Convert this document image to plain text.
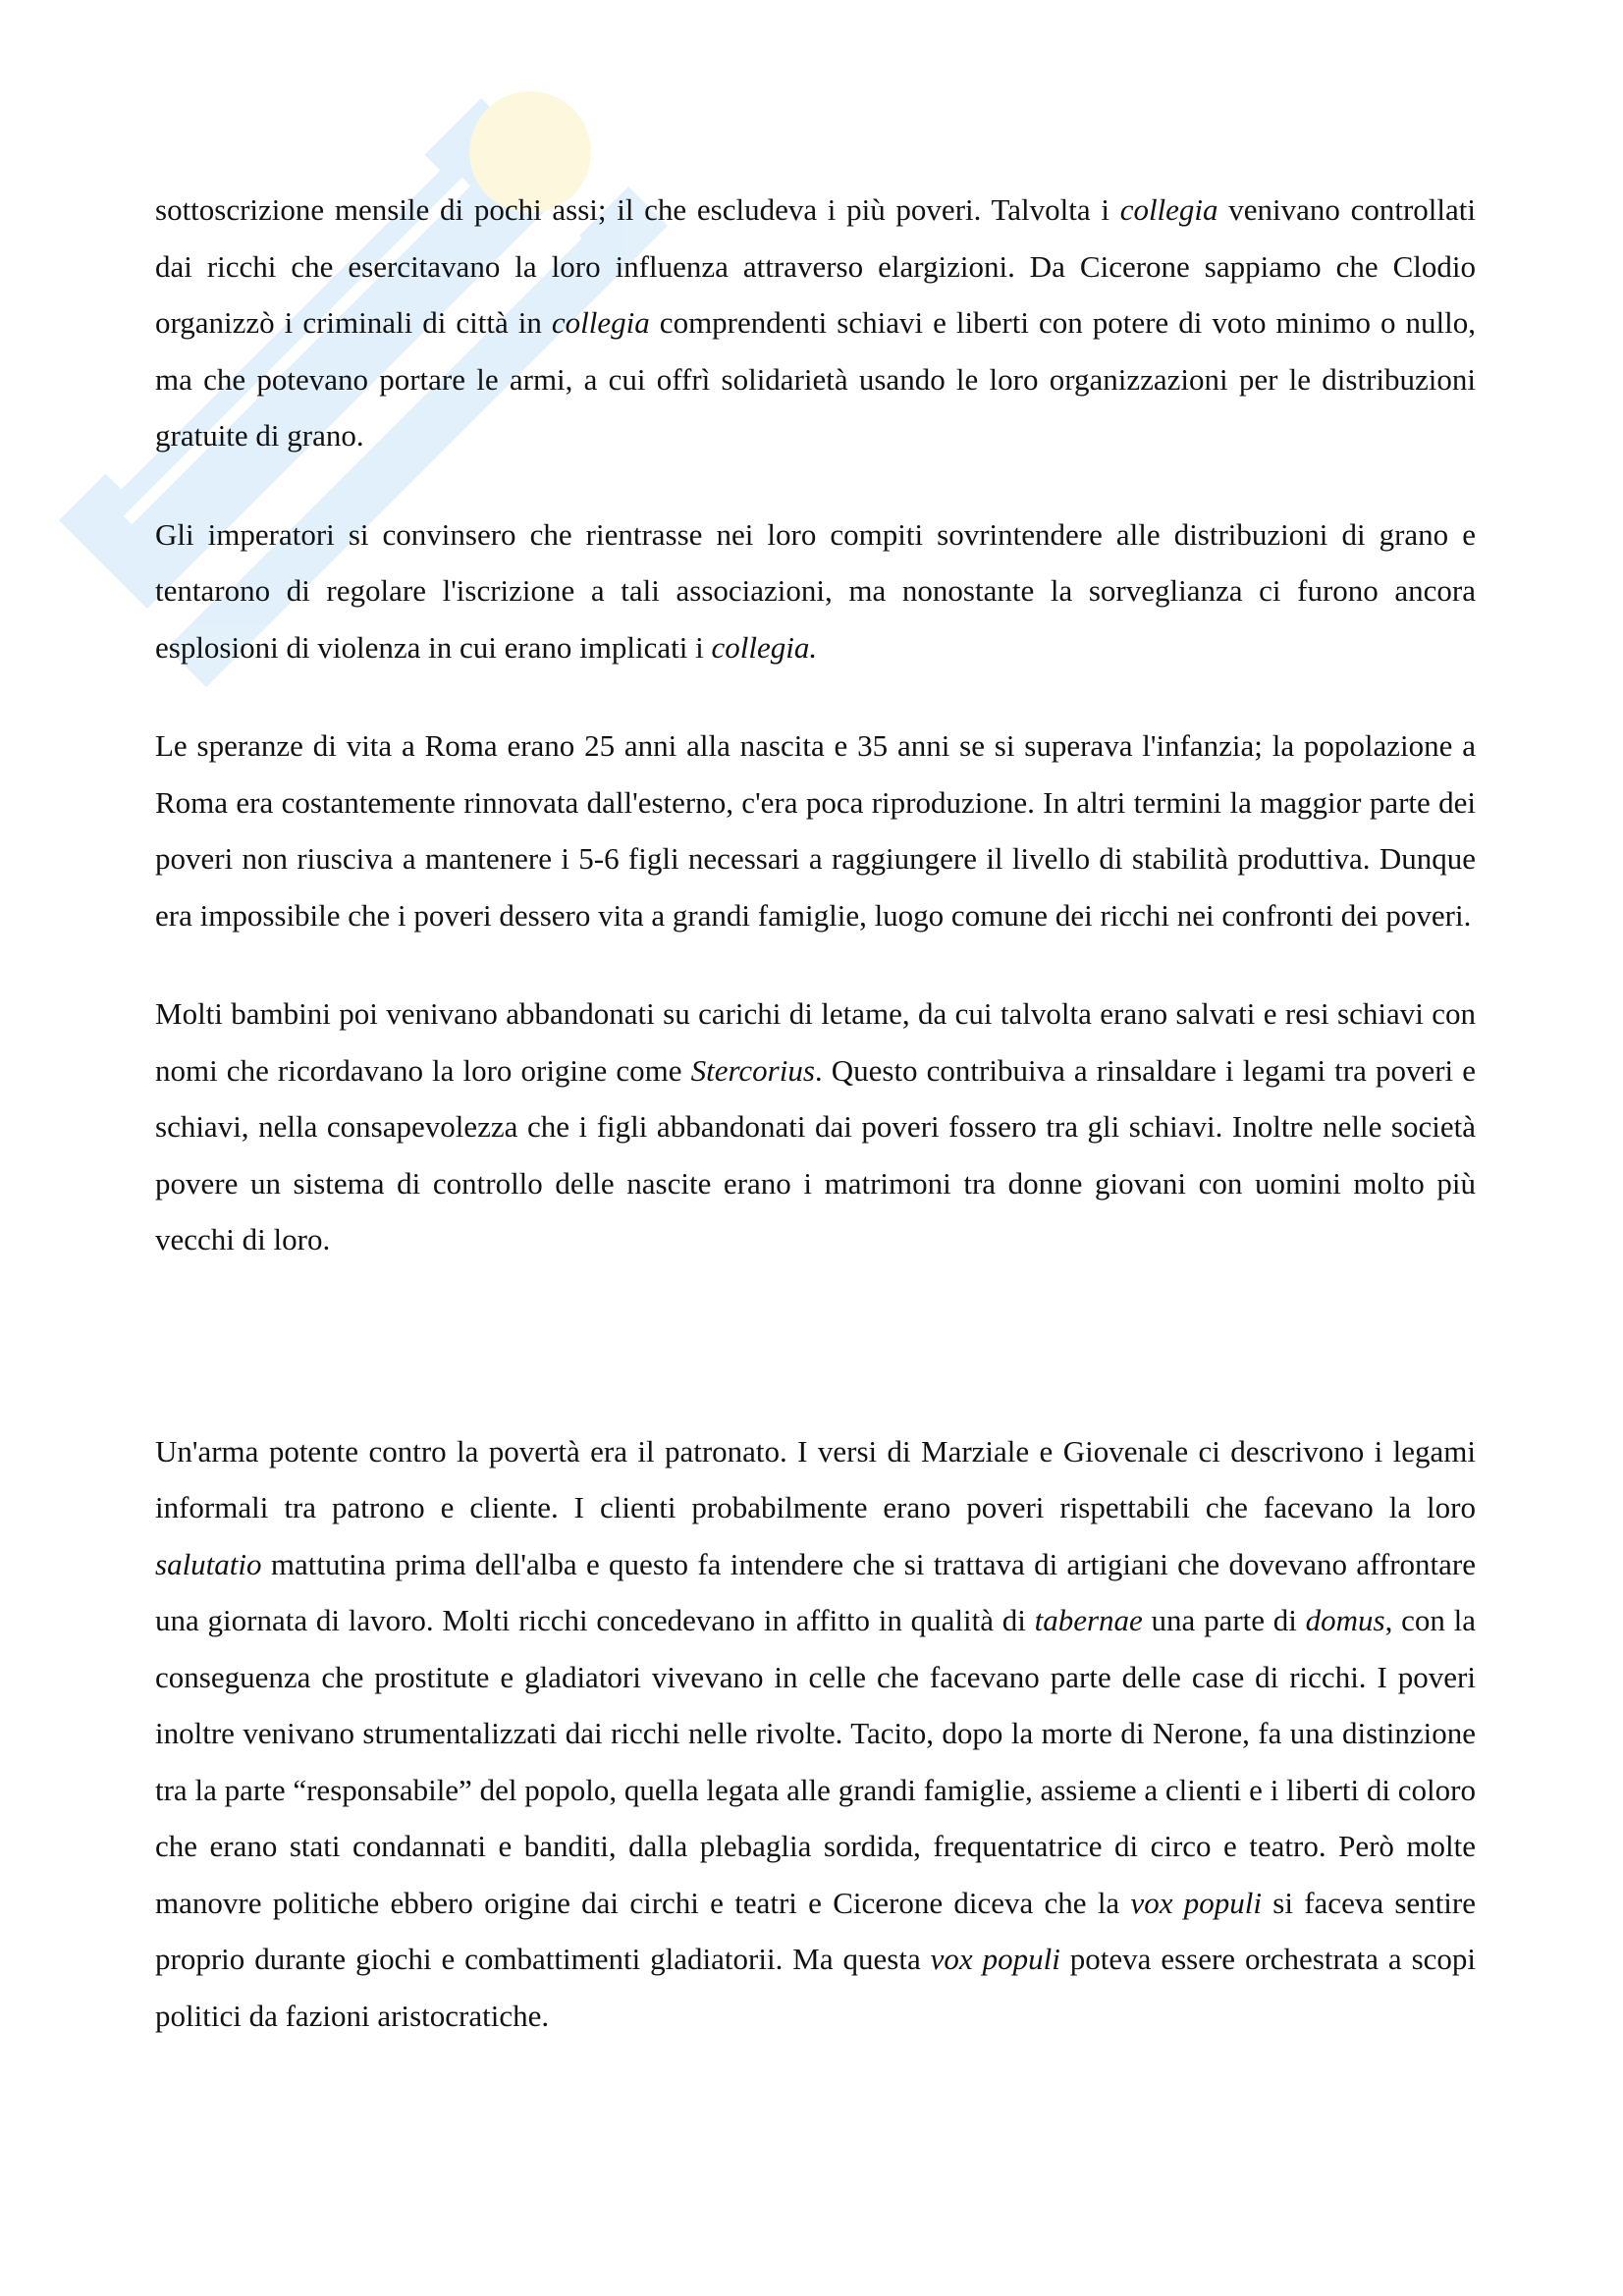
sottoscrizione mensile di pochi assi; il che escludeva i più poveri. Talvolta i collegia venivano controllati dai ricchi che esercitavano la loro influenza attraverso elargizioni. Da Cicerone sappiamo che Clodio organizzò i criminali di città in collegia comprendenti schiavi e liberti con potere di voto minimo o nullo, ma che potevano portare le armi, a cui offrì solidarietà usando le loro organizzazioni per le distribuzioni gratuite di grano.

Gli imperatori si convinsero che rientrasse nei loro compiti sovrintendere alle distribuzioni di grano e tentarono di regolare l'iscrizione a tali associazioni, ma nonostante la sorveglianza ci furono ancora esplosioni di violenza in cui erano implicati i collegia.

Le speranze di vita a Roma erano 25 anni alla nascita e 35 anni se si superava l'infanzia; la popolazione a Roma era costantemente rinnovata dall'esterno, c'era poca riproduzione. In altri termini la maggior parte dei poveri non riusciva a mantenere i 5-6 figli necessari a raggiungere il livello di stabilità produttiva. Dunque era impossibile che i poveri dessero vita a grandi famiglie, luogo comune dei ricchi nei confronti dei poveri.

Molti bambini poi venivano abbandonati su carichi di letame, da cui talvolta erano salvati e resi schiavi con nomi che ricordavano la loro origine come Stercorius. Questo contribuiva a rinsaldare i legami tra poveri e schiavi, nella consapevolezza che i figli abbandonati dai poveri fossero tra gli schiavi. Inoltre nelle società povere un sistema di controllo delle nascite erano i matrimoni tra donne giovani con uomini molto più vecchi di loro.

Un'arma potente contro la povertà era il patronato. I versi di Marziale e Giovenale ci descrivono i legami informali tra patrono e cliente. I clienti probabilmente erano poveri rispettabili che facevano la loro salutatio mattutina prima dell'alba e questo fa intendere che si trattava di artigiani che dovevano affrontare una giornata di lavoro. Molti ricchi concedevano in affitto in qualità di tabernae una parte di domus, con la conseguenza che prostitute e gladiatori vivevano in celle che facevano parte delle case di ricchi. I poveri inoltre venivano strumentalizzati dai ricchi nelle rivolte. Tacito, dopo la morte di Nerone, fa una distinzione tra la parte “responsabile” del popolo, quella legata alle grandi famiglie, assieme a clienti e i liberti di coloro che erano stati condannati e banditi, dalla plebaglia sordida, frequentatrice di circo e teatro. Però molte manovre politiche ebbero origine dai circhi e teatri e Cicerone diceva che la vox populi si faceva sentire proprio durante giochi e combattimenti gladiatorii. Ma questa vox populi poteva essere orchestrata a scopi politici da fazioni aristocratiche.
